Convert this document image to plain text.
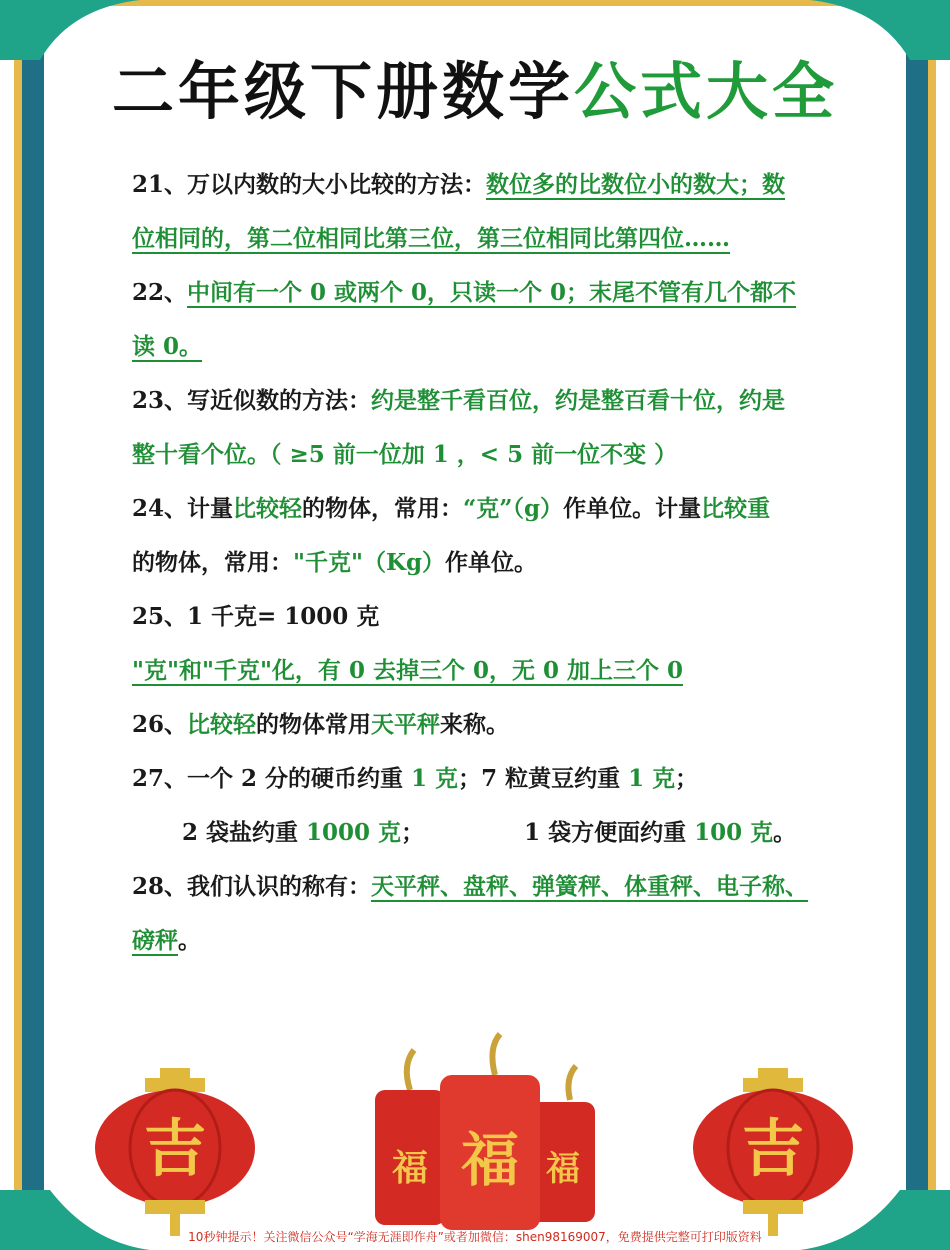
二年级下册数学公式大全
21、万以内数的大小比较的方法：数位多的比数位小的数大；数
位相同的，第二位相同比第三位，第三位相同比第四位……
22、中间有一个 0 或两个 0，只读一个 0；末尾不管有几个都不
读 0。
23、写近似数的方法：约是整千看百位，约是整百看十位，约是
整十看个位。（ ≥5 前一位加 1 ，< 5 前一位不变 ）
24、计量比较轻的物体，常用：“克”（g）作单位。计量比较重
的物体，常用："千克"（Kg）作单位。
25、1 千克= 1000 克
"克"和"千克"化，有 0 去掉三个 0，无 0 加上三个 0
26、比较轻的物体常用天平秤来称。
27、一个 2 分的硬币约重 1 克；7 粒黄豆约重 1 克；
2 袋盐约重 1000 克；	1 袋方便面约重 100 克。
28、我们认识的称有：天平秤、盘秤、弹簧秤、体重秤、电子称、
磅秤。
吉	福 福 福	吉
10秒钟提示！关注微信公众号“学海无涯即作舟”或者加微信：shen98169007，免费提供完整可打印版资料
